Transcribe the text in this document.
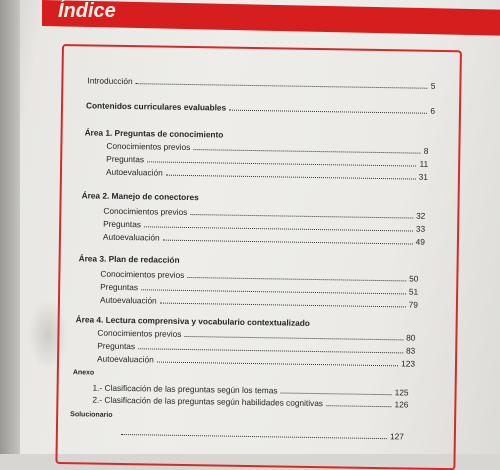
Índice
Introducción	5
Contenidos curriculares evaluables	6
Área 1. Preguntas de conocimiento
Conocimientos previos	8
Preguntas	11
Autoevaluación	31
Área 2. Manejo de conectores
Conocimientos previos	32
Preguntas	33
Autoevaluación	49
Área 3. Plan de redacción
Conocimientos previos	50
Preguntas	51
Autoevaluación	79
Área 4. Lectura comprensiva y vocabulario contextualizado
Conocimientos previos	80
Preguntas	83
Autoevaluación	123
Anexo
1.- Clasificación de las preguntas según los temas	125
2.- Clasificación de las preguntas según habilidades cognitivas	126
Solucionario
127
